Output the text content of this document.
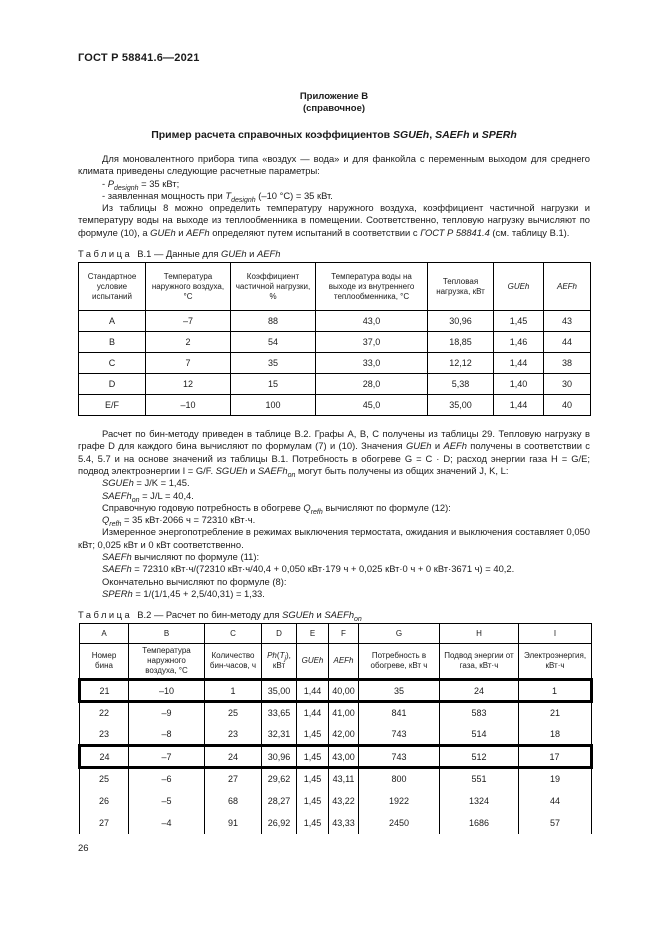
ГОСТ Р 58841.6—2021
Приложение В
(справочное)
Пример расчета справочных коэффициентов SGUEh, SAEFh и SPERh

Для моновалентного прибора типа «воздух — вода» и для фанкойла с переменным выходом для среднего климата приведены следующие расчетные параметры:

- $P_{designh} = 35$ кВт;
- заявленная мощность при $T_{designh}$ (–10 °С) = 35 кВт.

Из таблицы 8 можно определить температуру наружного воздуха, коэффициент частичной нагрузки и температуру воды на выходе из теплообменника в помещении. Соответственно, тепловую нагрузку вычисляют по формуле (10), а GUEh и AEFh определяют путем испытаний в соответствии с ГОСТ Р 58841.4 (см. таблицу В.1).

Таблица В.1 — Данные для GUEh и AEFh
Стандартное условие испытаний	Температура наружного воздуха, °С	Коэффициент частичной нагрузки, %	Температура воды на выходе из внутреннего теплообменника, °С	Тепловая нагрузка, кВт	GUEh	AEFh
A	–7	88	43,0	30,96	1,45	43
B	2	54	37,0	18,85	1,46	44
C	7	35	33,0	12,12	1,44	38
D	12	15	28,0	5,38	1,40	30
E/F	–10	100	45,0	35,00	1,44	40

Расчет по бин-методу приведен в таблице В.2. Графы A, B, C получены из таблицы 29. Тепловую нагрузку в графе D для каждого бина вычисляют по формулам (7) и (10). Значения GUEh и AEFh получены в соответствии с 5.4, 5.7 и на основе значений из таблицы В.1. Потребность в обогреве G = C · D; расход энергии газа H = G/E; подвод электроэнергии I = G/F. SGUEh и SAEFh$_{on}$ могут быть получены из общих значений J, K, L:

SGUEh = J/K = 1,45.
SAEFh$_{on}$ = J/L = 40,4.
Справочную годовую потребность в обогреве $Q_{refh}$ вычисляют по формуле (12):
$Q_{refh} = 35$ кВт·2066 ч = 72310 кВт·ч.

Измеренное энергопотребление в режимах выключения термостата, ожидания и выключения составляет 0,050 кВт; 0,025 кВт и 0 кВт соответственно.

SAEFh вычисляют по формуле (11):
SAEFh = 72310 кВт·ч/(72310 кВт·ч/40,4 + 0,050 кВт·179 ч + 0,025 кВт·0 ч + 0 кВт·3671 ч) = 40,2.
Окончательно вычисляют по формуле (8):
SPERh = 1/(1/1,45 + 2,5/40,31) = 1,33.
Таблица В.2 — Расчет по бин-методу для SGUEh и SAEFh$_{on}$
A	B	C	D	E	F	G	H	I
Номер бина	Температура наружного воздуха, °С	Количество бин-часов, ч	$Ph(T_j)$, кВт	GUEh	AEFh	Потребность в обогреве, кВт ч	Подвод энергии от газа, кВт·ч	Электроэнергия, кВт·ч
21	–10	1	35,00	1,44	40,00	35	24	1
22	–9	25	33,65	1,44	41,00	841	583	21
23	–8	23	32,31	1,45	42,00	743	514	18
24	–7	24	30,96	1,45	43,00	743	512	17
25	–6	27	29,62	1,45	43,11	800	551	19
26	–5	68	28,27	1,45	43,22	1922	1324	44
27	–4	91	26,92	1,45	43,33	2450	1686	57
26
